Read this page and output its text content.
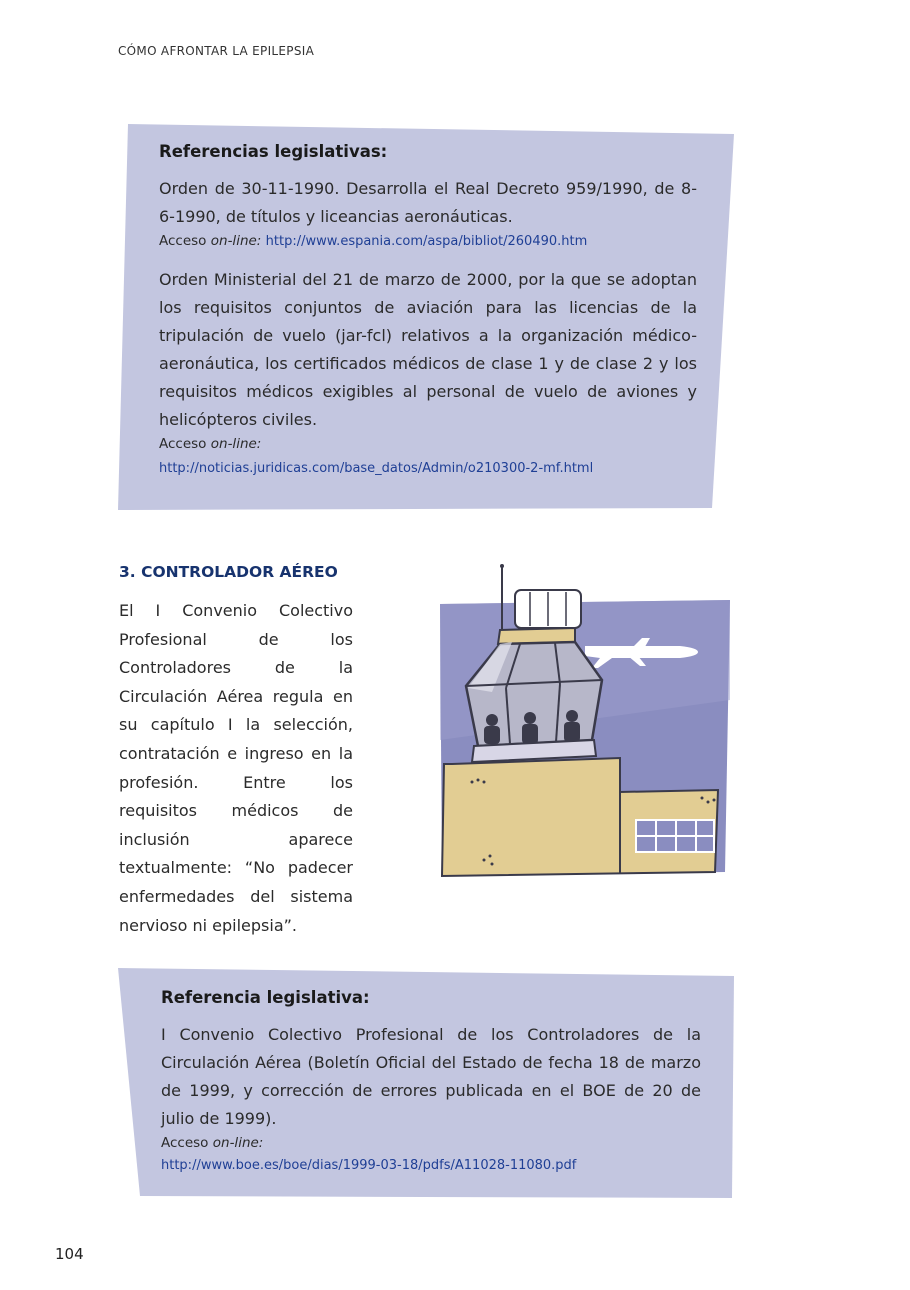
CÓMO AFRONTAR LA EPILEPSIA

Referencias legislativas:

Orden de 30-11-1990. Desarrolla el Real Decreto 959/1990, de 8-6-1990, de títulos y liceancias aeronáuticas.

Acceso on-line: http://www.espania.com/aspa/bibliot/260490.htm

Orden Ministerial del 21 de marzo de 2000, por la que se adoptan los requisitos conjuntos de aviación para las licencias de la tripulación de vuelo (jar-fcl) relativos a la organización médico-aeronáutica, los certificados médicos de clase 1 y de clase 2 y los requisitos médicos exigibles al personal de vuelo de aviones y helicópteros civiles.

Acceso on-line:

http://noticias.juridicas.com/base_datos/Admin/o210300-2-mf.html

3. CONTROLADOR AÉREO

El I Convenio Colectivo Profesional de los Controladores de la Circulación Aérea regula en su capítulo I la selección, contratación e ingreso en la profesión. Entre los requisitos médicos de inclusión aparece textualmente: “No padecer enfermedades del sistema nervioso ni epilepsia”.

Referencia legislativa:

I Convenio Colectivo Profesional de los Controladores de la Circulación Aérea (Boletín Oficial del Estado de fecha 18 de marzo de 1999, y corrección de errores publicada en el BOE de 20 de julio de 1999).

Acceso on-line:

http://www.boe.es/boe/dias/1999-03-18/pdfs/A11028-11080.pdf

104
